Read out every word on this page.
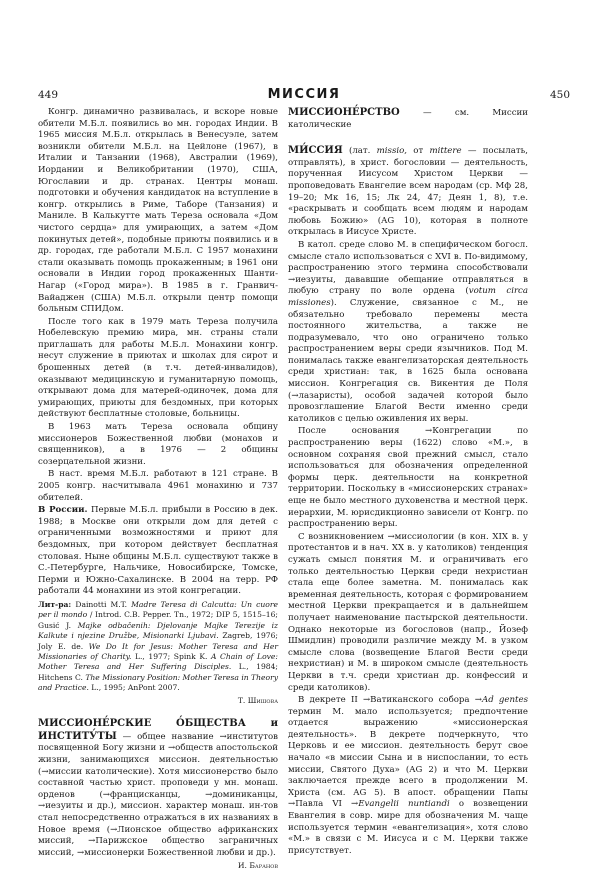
449	МИССИЯ	450

Конгр. динамично развивалась, и вскоре новые обители М.Б.л. появились во мн. городах Индии. В 1965 миссия М.Б.л. открылась в Венесуэле, затем возникли обители М.Б.л. на Цейлоне (1967), в Италии и Танзании (1968), Австралии (1969), Иордании и Великобритании (1970), США, Югославии и др. странах. Центры монаш. подготовки и обучения кандидаток на вступление в конгр. открылись в Риме, Таборе (Танзания) и Маниле. В Калькутте мать Тереза основала «Дом чистого сердца» для умирающих, а затем «Дом покинутых детей», подобные приюты появились и в др. городах, где работали М.Б.л. С 1957 монахини стали оказывать помощь прокаженным; в 1961 они основали в Индии город прокаженных Шанти-Нагар («Город мира»). В 1985 в г. Гранвич-Вайаджен (США) М.Б.л. открыли центр помощи больным СПИДом.

После того как в 1979 мать Тереза получила Нобелевскую премию мира, мн. страны стали приглашать для работы М.Б.л. Монахини конгр. несут служение в приютах и школах для сирот и брошенных детей (в т.ч. детей-инвалидов), оказывают медицинскую и гуманитарную помощь, открывают дома для матерей-одиночек, дома для умирающих, приюты для бездомных, при которых действуют бесплатные столовые, больницы.

В 1963 мать Тереза основала общину миссионеров Божественной любви (монахов и священников), а в 1976 — 2 общины созерцательной жизни.

В наст. время М.Б.л. работают в 121 стране. В 2005 конгр. насчитывала 4961 монахиню и 737 обителей.

В России. Первые М.Б.л. прибыли в Россию в дек. 1988; в Москве они открыли дом для детей с ограниченными возможностями и приют для бездомных, при котором действует бесплатная столовая. Ныне общины М.Б.л. существуют также в С.-Петербурге, Нальчике, Новосибирске, Томске, Перми и Южно-Сахалинске. В 2004 на терр. РФ работали 44 монахини из этой конгрегации.

Лит-ра: Dainotti M.T. Madre Teresa di Calcutta: Un cuore per il mondo / Introd. C.B. Pepper. Tn., 1972; DIP 5, 1515–16; Gusić J. Majke odbačenih: Djelovanje Majke Terezije iz Kalkute i njezine Družbe, Misionarki Ljubavi. Zagreb, 1976; Joly E. de. We Do It for Jesus: Mother Teresa and Her Missionaries of Charity. L., 1977; Spink K. A Chain of Love: Mother Teresa and Her Suffering Disciples. L., 1984; Hitchens C. The Missionary Position: Mother Teresa in Theory and Practice. L., 1995; AnPont 2007.

Т. Шишова

МИССИОНЕ́РСКИЕ О́БЩЕСТВА и ИНСТИТУ́ТЫ — общее название →институтов посвященной Богу жизни и →обществ апостольской жизни, занимающихся миссион. деятельностью (→миссии католические). Хотя миссионерство было составной частью христ. проповеди у мн. монаш. орденов (→францисканцы, →доминиканцы, →иезуиты и др.), миссион. характер монаш. ин-тов стал непосредственно отражаться в их названиях в Новое время (→Лионское общество африканских миссий, →Парижское общество заграничных миссий, →миссионерки Божественной любви и др.).

И. Баранов

МИССИОНЕ́РСТВО — см. Миссии католические

МИ́ССИЯ (лат. missio, от mittere — посылать, отправлять), в христ. богословии — деятельность, порученная Иисусом Христом Церкви — проповедовать Евангелие всем народам (ср. Мф 28, 19–20; Мк 16, 15; Лк 24, 47; Деян 1, 8), т.е. «раскрывать и сообщать всем людям и народам любовь Божию» (AG 10), которая в полноте открылась в Иисусе Христе.

В катол. среде слово М. в специфическом богосл. смысле стало использоваться с XVI в. По-видимому, распространению этого термина способствовали →иезуиты, дававшие обещание отправляться в любую страну по воле ордена (votum circa missiones). Служение, связанное с М., не обязательно требовало перемены места постоянного жительства, а также не подразумевало, что оно ограничено только распространением веры среди язычников. Под М. понималась также евангелизаторская деятельность среди христиан: так, в 1625 была основана миссион. Конгрегация св. Викентия де Поля (→лазаристы), особой задачей которой было провозглашение Благой Вести именно среди католиков с целью оживления их веры.

После основания →Конгрегации по распространению веры (1622) слово «М.», в основном сохраняя свой прежний смысл, стало использоваться для обозначения определенной формы церк. деятельности на конкретной территории. Поскольку в «миссионерских странах» еще не было местного духовенства и местной церк. иерархии, М. юрисдикционно зависели от Конгр. по распространению веры.

С возникновением →миссиологии (в кон. XIX в. у протестантов и в нач. XX в. у католиков) тенденция сужать смысл понятия М. и ограничивать его только деятельностью Церкви среди нехристиан стала еще более заметна. М. понималась как временная деятельность, которая с формированием местной Церкви прекращается и в дальнейшем получает наименование пастырской деятельности. Однако некоторые из богословов (напр., Йозеф Шмидлин) проводили различие между М. в узком смысле слова (возвещение Благой Вести среди нехристиан) и М. в широком смысле (деятельность Церкви в т.ч. среди христиан др. конфессий и среди католиков).

В декрете II →Ватиканского собора →Ad gentes термин М. мало используется; предпочтение отдается выражению «миссионерская деятельность». В декрете подчеркнуто, что Церковь и ее миссион. деятельность берут свое начало «в миссии Сына и в ниспослании, то есть миссии, Святого Духа» (AG 2) и что М. Церкви заключается прежде всего в продолжении М. Христа (см. AG 5). В апост. обращении Папы →Павла VI →Evangelii nuntiandi о возвещении Евангелия в совр. мире для обозначения М. чаще используется термин «евангелизация», хотя слово «М.» в связи с М. Иисуса и с М. Церкви также присутствует.
